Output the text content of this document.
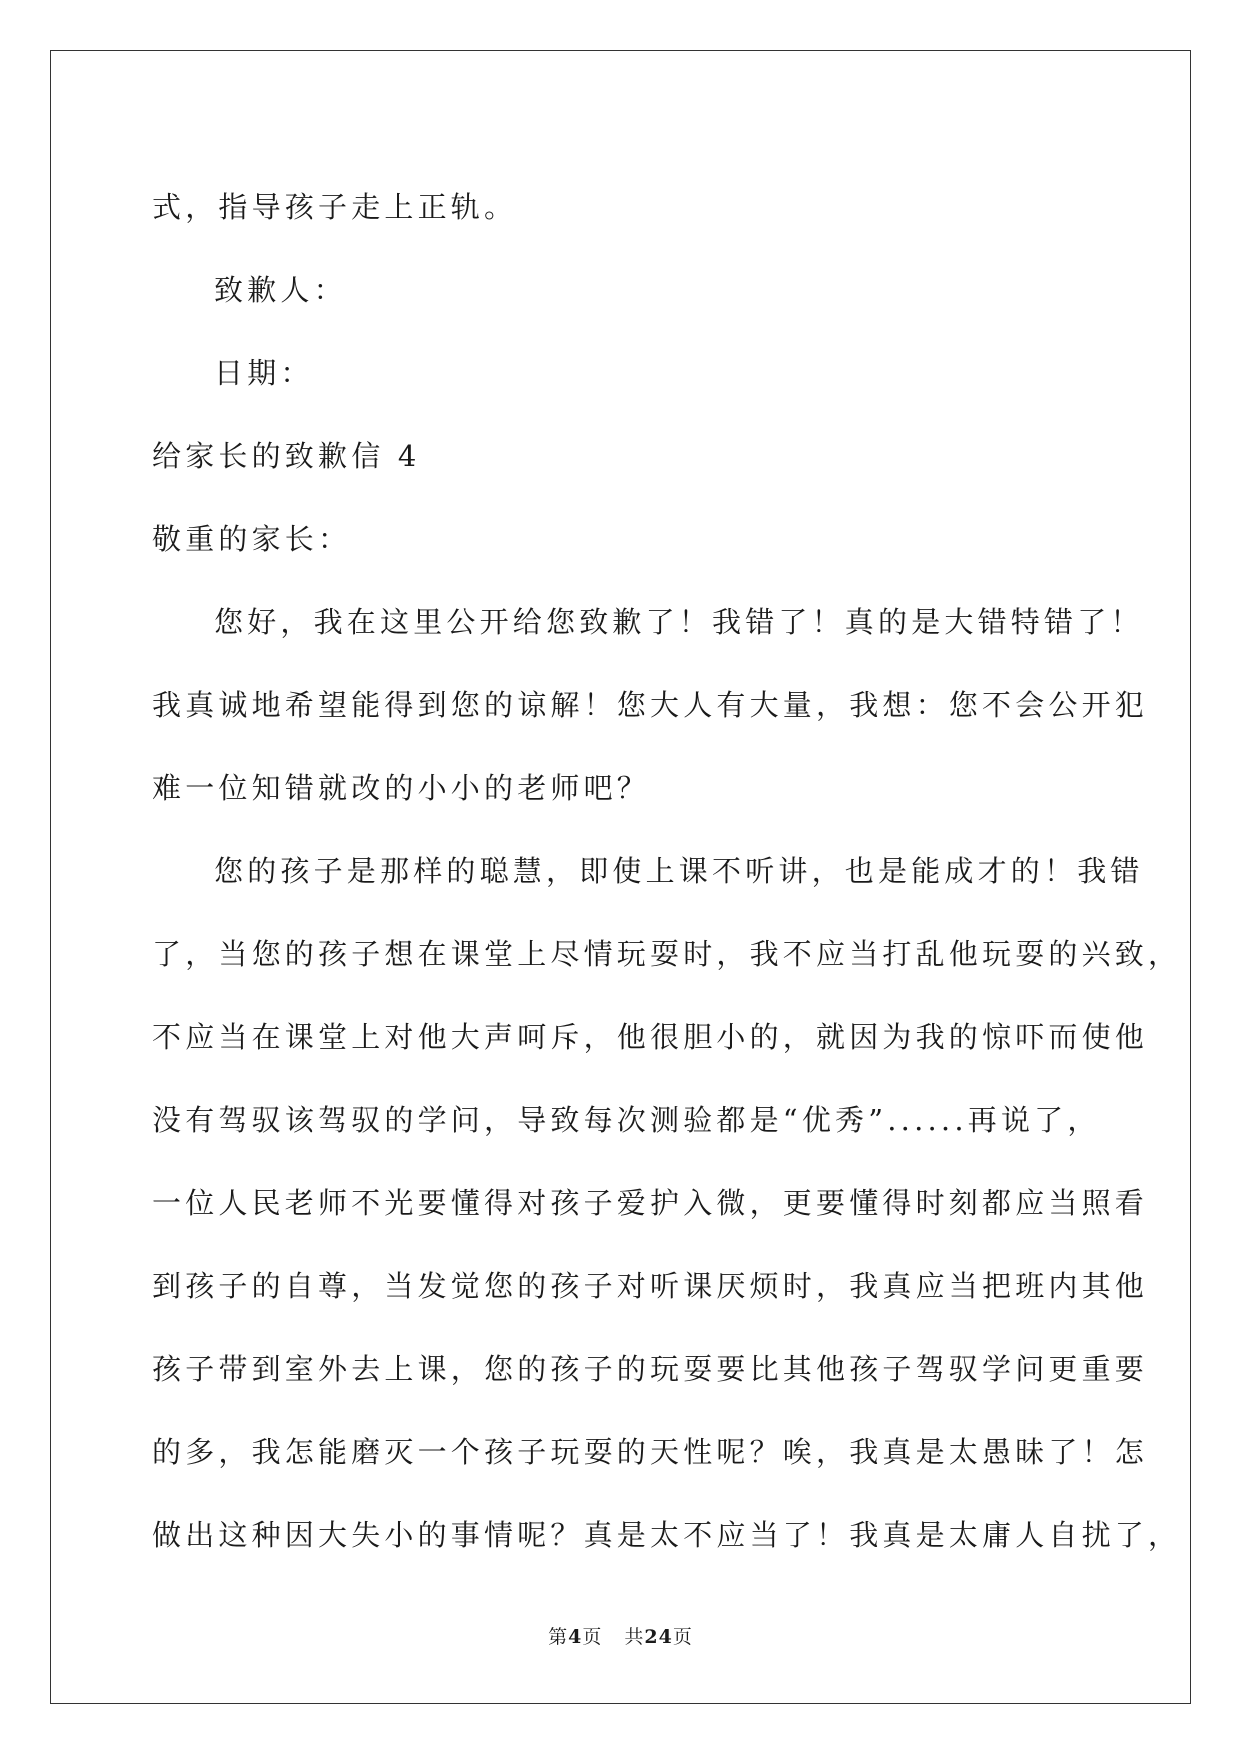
式，指导孩子走上正轨。
致歉人：
日期：
给家长的致歉信 4
敬重的家长：
您好，我在这里公开给您致歉了！我错了！真的是大错特错了！
我真诚地希望能得到您的谅解！您大人有大量，我想：您不会公开犯
难一位知错就改的小小的老师吧？
您的孩子是那样的聪慧，即使上课不听讲，也是能成才的！我错
了，当您的孩子想在课堂上尽情玩耍时，我不应当打乱他玩耍的兴致，
不应当在课堂上对他大声呵斥，他很胆小的，就因为我的惊吓而使他
没有驾驭该驾驭的学问，导致每次测验都是“优秀”......再说了，
一位人民老师不光要懂得对孩子爱护入微，更要懂得时刻都应当照看
到孩子的自尊，当发觉您的孩子对听课厌烦时，我真应当把班内其他
孩子带到室外去上课，您的孩子的玩耍要比其他孩子驾驭学问更重要
的多，我怎能磨灭一个孩子玩耍的天性呢？唉，我真是太愚昧了！怎
做出这种因大失小的事情呢？真是太不应当了！我真是太庸人自扰了，
第4页 共24页
